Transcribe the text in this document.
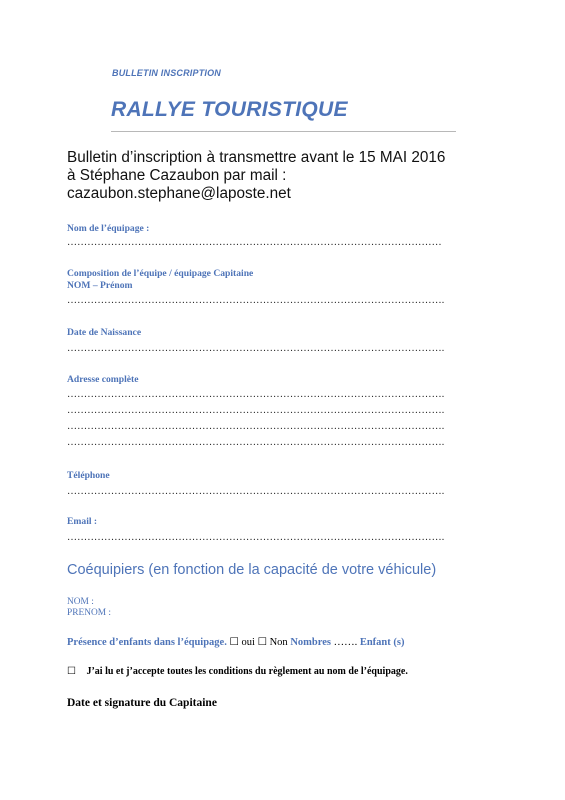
BULLETIN INSCRIPTION
RALLYE TOURISTIQUE
Bulletin d’inscription à transmettre avant le 15 MAI 2016
à Stéphane Cazaubon par mail :
cazaubon.stephane@laposte.net
Nom de l’équipage :
…………………………………………………………………………………………………
Composition de l’équipe / équipage Capitaine
NOM – Prénom
………………………………………………………………………………………………….
Date de Naissance
………………………………………………………………………………………………….
Adresse complète
………………………………………………………………………………………………….
………………………………………………………………………………………………….
………………………………………………………………………………………………….
………………………………………………………………………………………………….
Téléphone
………………………………………………………………………………………………….
Email :
………………………………………………………………………………………………….
Coéquipiers (en fonction de la capacité de votre véhicule)
NOM :
PRENOM :
Présence d’enfants dans l’équipage. ☐ oui ☐ Non Nombres ……. Enfant (s)
☐ J’ai lu et j’accepte toutes les conditions du règlement au nom de l’équipage.
Date et signature du Capitaine
